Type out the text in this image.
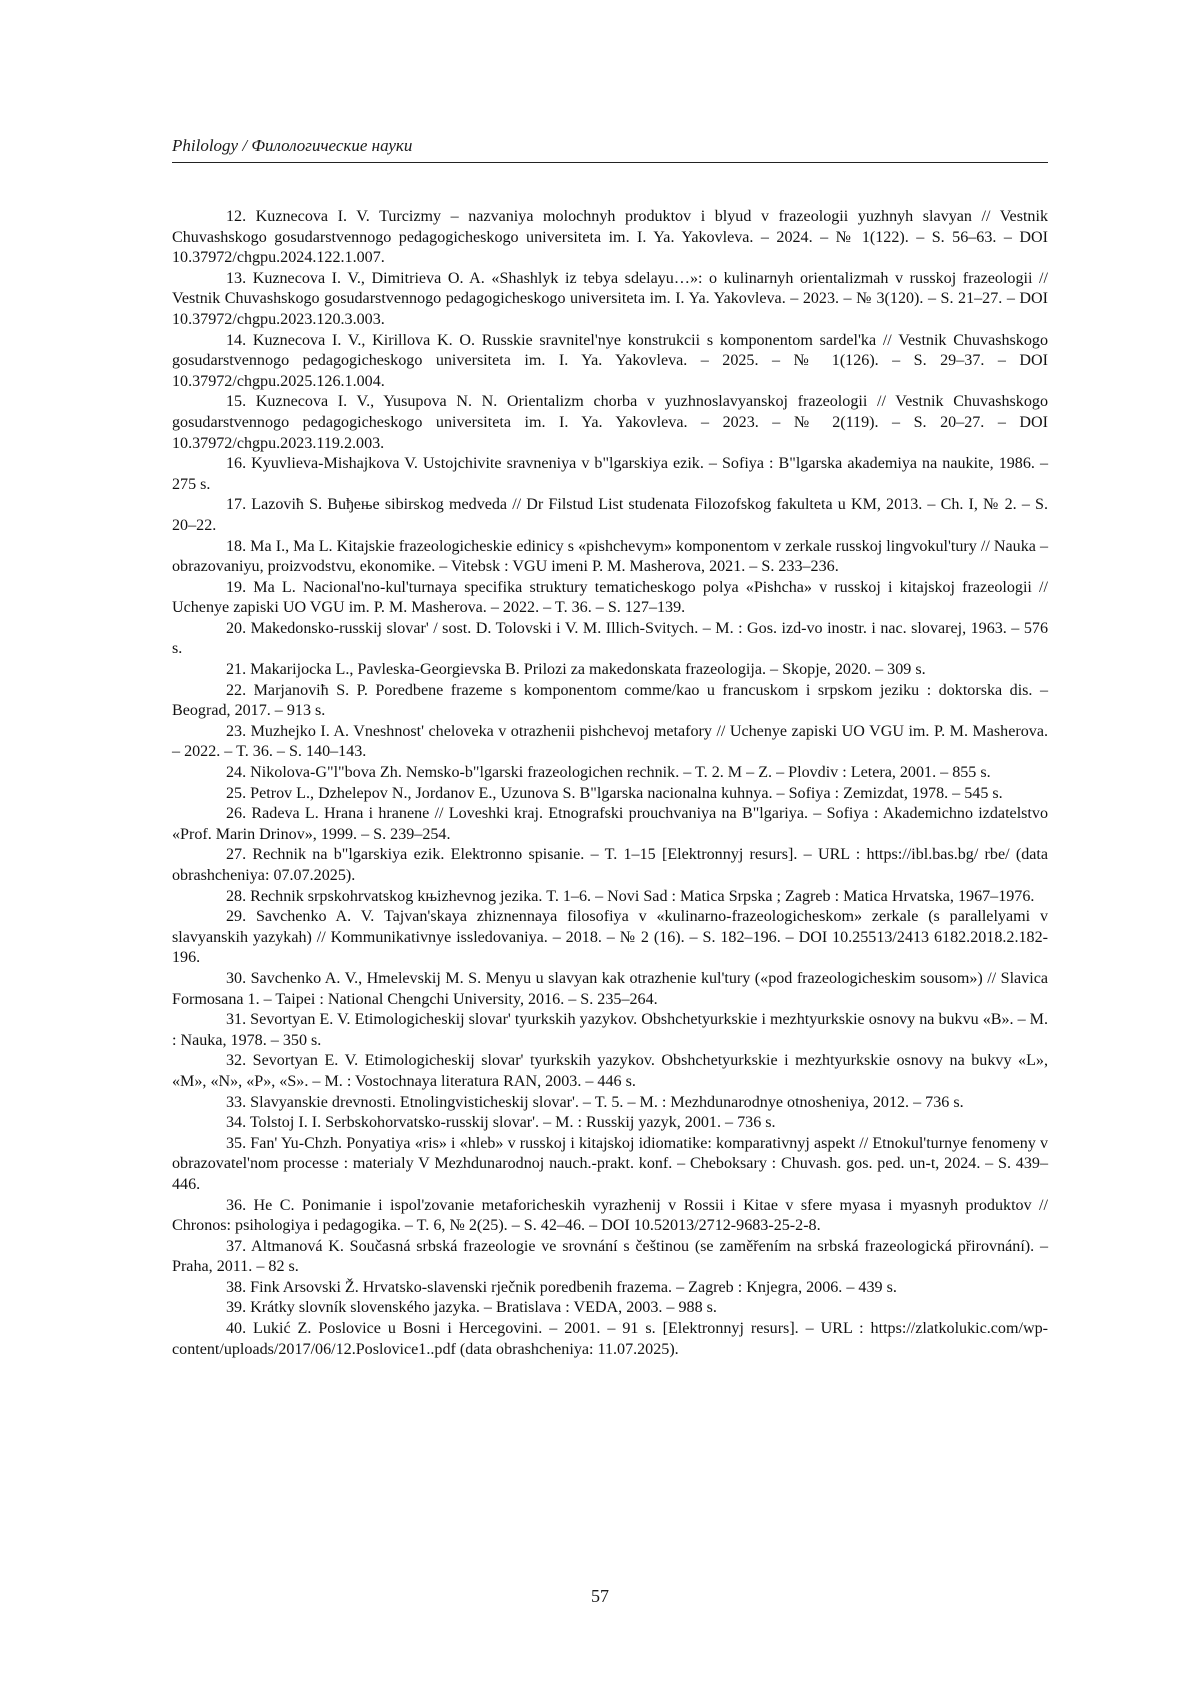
Philology / Филологические науки

12. Kuznecova I. V. Turcizmy – nazvaniya molochnyh produktov i blyud v frazeologii yuzhnyh slavyan // Vestnik Chuvashskogo gosudarstvennogo pedagogicheskogo universiteta im. I. Ya. Yakovleva. – 2024. – № 1(122). – S. 56–63. – DOI 10.37972/chgpu.2024.122.1.007.

13. Kuznecova I. V., Dimitrieva O. A. «Shashlyk iz tebya sdelayu…»: o kulinarnyh orientalizmah v russkoj frazeologii // Vestnik Chuvashskogo gosudarstvennogo pedagogicheskogo universiteta im. I. Ya. Yakovleva. – 2023. – № 3(120). – S. 21–27. – DOI 10.37972/chgpu.2023.120.3.003.

14. Kuznecova I. V., Kirillova K. O. Russkie sravnitel'nye konstrukcii s komponentom sardel'ka // Vestnik Chuvashskogo gosudarstvennogo pedagogicheskogo universiteta im. I. Ya. Yakovleva. – 2025. – № 1(126). – S. 29–37. – DOI 10.37972/chgpu.2025.126.1.004.

15. Kuznecova I. V., Yusupova N. N. Orientalizm chorba v yuzhnoslavyanskoj frazeologii // Vestnik Chuvashskogo gosudarstvennogo pedagogicheskogo universiteta im. I. Ya. Yakovleva. – 2023. – № 2(119). – S. 20–27. – DOI 10.37972/chgpu.2023.119.2.003.

16. Kyuvlieva-Mishajkova V. Ustojchivite sravneniya v b"lgarskiya ezik. – Sofiya : B"lgarska akademiya na naukite, 1986. – 275 s.

17. Lazoviħ S. Buђење sibirskog medveda // Dr Filstud List studenata Filozofskog fakulteta u KM, 2013. – Ch. I, № 2. – S. 20–22.

18. Ma I., Ma L. Kitajskie frazeologicheskie edinicy s «pishchevym» komponentom v zerkale russkoj lingvokul'tury // Nauka – obrazovaniyu, proizvodstvu, ekonomike. – Vitebsk : VGU imeni P. M. Masherova, 2021. – S. 233–236.

19. Ma L. Nacional'no-kul'turnaya specifika struktury tematicheskogo polya «Pishcha» v russkoj i kitajskoj frazeologii // Uchenye zapiski UO VGU im. P. M. Masherova. – 2022. – T. 36. – S. 127–139.

20. Makedonsko-russkij slovar' / sost. D. Tolovski i V. M. Illich-Svitych. – M. : Gos. izd-vo inostr. i nac. slovarej, 1963. – 576 s.

21. Makarijocka L., Pavleska-Georgievska B. Prilozi za makedonskata frazeologija. – Skopje, 2020. – 309 s.

22. Marjanoviħ S. P. Poredbene frazeme s komponentom comme/kao u francuskom i srpskom jeziku : doktorska dis. – Beograd, 2017. – 913 s.

23. Muzhejko I. A. Vneshnost' cheloveka v otrazhenii pishchevoj metafory // Uchenye zapiski UO VGU im. P. M. Masherova. – 2022. – T. 36. – S. 140–143.

24. Nikolova-G"l"bova Zh. Nemsko-b"lgarski frazeologichen rechnik. – T. 2. M – Z. – Plovdiv : Letera, 2001. – 855 s.

25. Petrov L., Dzhelepov N., Jordanov E., Uzunova S. B"lgarska nacionalna kuhnya. – Sofiya : Zemizdat, 1978. – 545 s.

26. Radeva L. Hrana i hranene // Loveshki kraj. Etnografski prouchvaniya na B"lgariya. – Sofiya : Akademichno izdatelstvo «Prof. Marin Drinov», 1999. – S. 239–254.

27. Rechnik na b"lgarskiya ezik. Elektronno spisanie. – T. 1–15 [Elektronnyj resurs]. – URL : https://ibl.bas.bg/ rbe/ (data obrashcheniya: 07.07.2025).

28. Rechnik srpskohrvatskog kњizhevnog jezika. T. 1–6. – Novi Sad : Matica Srpska ; Zagreb : Matica Hrvatska, 1967–1976.

29. Savchenko A. V. Tajvan'skaya zhiznennaya filosofiya v «kulinarno-frazeologicheskom» zerkale (s parallelyami v slavyanskih yazykah) // Kommunikativnye issledovaniya. – 2018. – № 2 (16). – S. 182–196. – DOI 10.25513/2413 6182.2018.2.182-196.

30. Savchenko A. V., Hmelevskij M. S. Menyu u slavyan kak otrazhenie kul'tury («pod frazeologicheskim sousom») // Slavica Formosana 1. – Taipei : National Chengchi University, 2016. – S. 235–264.

31. Sevortyan E. V. Etimologicheskij slovar' tyurkskih yazykov. Obshchetyurkskie i mezhtyurkskie osnovy na bukvu «B». – M. : Nauka, 1978. – 350 s.

32. Sevortyan E. V. Etimologicheskij slovar' tyurkskih yazykov. Obshchetyurkskie i mezhtyurkskie osnovy na bukvy «L», «M», «N», «P», «S». – M. : Vostochnaya literatura RAN, 2003. – 446 s.

33. Slavyanskie drevnosti. Etnolingvisticheskij slovar'. – T. 5. – M. : Mezhdunarodnye otnosheniya, 2012. – 736 s.

34. Tolstoj I. I. Serbskohorvatsko-russkij slovar'. – M. : Russkij yazyk, 2001. – 736 s.

35. Fan' Yu-Chzh. Ponyatiya «ris» i «hleb» v russkoj i kitajskoj idiomatike: komparativnyj aspekt // Etnokul'turnye fenomeny v obrazovatel'nom processe : materialy V Mezhdunarodnoj nauch.-prakt. konf. – Cheboksary : Chuvash. gos. ped. un-t, 2024. – S. 439–446.

36. He C. Ponimanie i ispol'zovanie metaforicheskih vyrazhenij v Rossii i Kitae v sfere myasa i myasnyh produktov // Chronos: psihologiya i pedagogika. – T. 6, № 2(25). – S. 42–46. – DOI 10.52013/2712-9683-25-2-8.

37. Altmanová K. Současná srbská frazeologie ve srovnání s češtinou (se zaměřením na srbská frazeologická přirovnání). – Praha, 2011. – 82 s.

38. Fink Arsovski Ž. Hrvatsko-slavenski rječnik poredbenih frazema. – Zagreb : Knjegra, 2006. – 439 s.

39. Krátky slovník slovenského jazyka. – Bratislava : VEDA, 2003. – 988 s.

40. Lukić Z. Poslovice u Bosni i Hercegovini. – 2001. – 91 s. [Elektronnyj resurs]. – URL : https://zlatkolukic.com/wp-content/uploads/2017/06/12.Poslovice1..pdf (data obrashcheniya: 11.07.2025).

57
